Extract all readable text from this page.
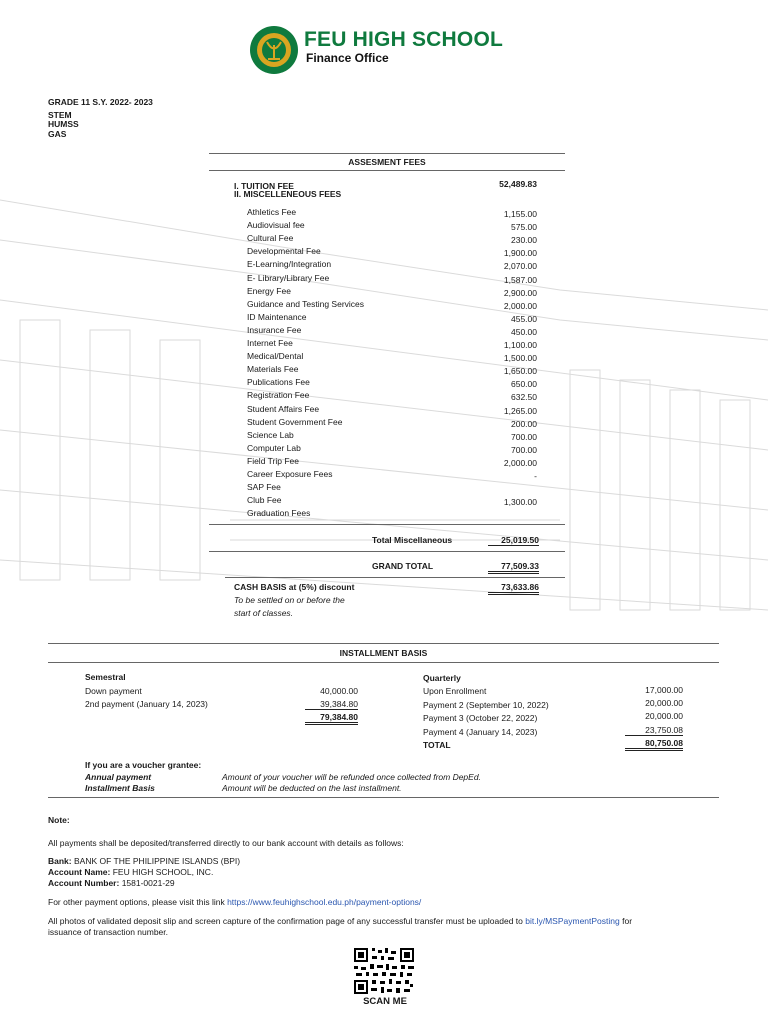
FEU HIGH SCHOOL
Finance Office
GRADE 11 S.Y. 2022- 2023
STEM
HUMSS
GAS
ASSESMENT FEES
I. TUITION FEE	52,489.83
II. MISCELLENEOUS FEES
Athletics Fee	1,155.00
Audiovisual fee	575.00
Cultural Fee	230.00
Developmental Fee	1,900.00
E-Learning/Integration	2,070.00
E- Library/Library Fee	1,587.00
Energy Fee	2,900.00
Guidance and Testing Services	2,000.00
ID Maintenance	455.00
Insurance Fee	450.00
Internet Fee	1,100.00
Medical/Dental	1,500.00
Materials Fee	1,650.00
Publications Fee	650.00
Registration Fee	632.50
Student Affairs Fee	1,265.00
Student Government Fee	200.00
Science Lab	700.00
Computer Lab	700.00
Field Trip Fee	2,000.00
Career Exposure Fees	-
SAP Fee
Club Fee	1,300.00
Graduation Fees
Total Miscellaneous	25,019.50
GRAND TOTAL	77,509.33
CASH BASIS at (5%) discount	73,633.86
To be settled on or before the
start of classes.
INSTALLMENT BASIS
Semestral
Down payment	40,000.00
2nd payment (January 14, 2023)	39,384.80
79,384.80
Quarterly
Upon Enrollment	17,000.00
Payment 2 (September 10, 2022)	20,000.00
Payment 3 (October 22, 2022)	20,000.00
Payment 4 (January 14, 2023)	23,750.08
TOTAL	80,750.08
If you are a voucher grantee:
Annual payment	Amount of your voucher will be refunded once collected from DepEd.
Installment Basis	Amount will be deducted on the last installment.
Note:
All payments shall be deposited/transferred directly to our bank account with details as follows:
Bank: BANK OF THE PHILIPPINE ISLANDS (BPI)
Account Name: FEU HIGH SCHOOL, INC.
Account Number: 1581-0021-29
For other payment options, please visit this link https://www.feuhighschool.edu.ph/payment-options/
All photos of validated deposit slip and screen capture of the confirmation page of any successful transfer must be uploaded to bit.ly/MSPaymentPosting for
issuance of transaction number.
SCAN ME
